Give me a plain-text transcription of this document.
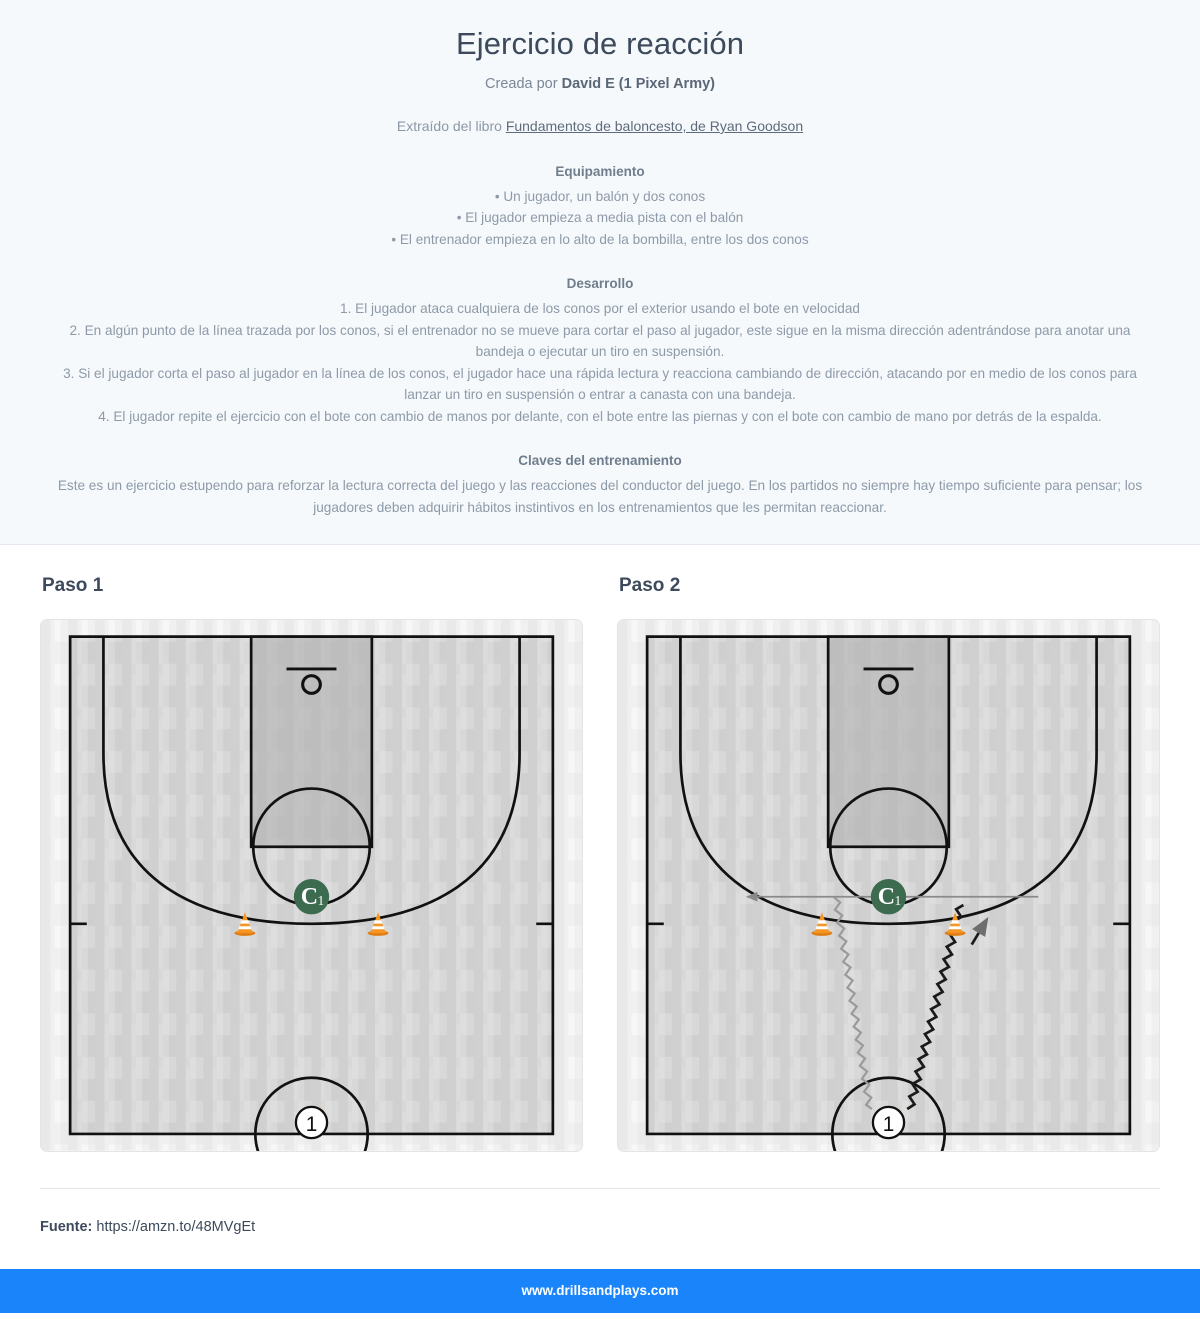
Ejercicio de reacción
Creada por David E (1 Pixel Army)
Extraído del libro Fundamentos de baloncesto, de Ryan Goodson
Equipamiento
• Un jugador, un balón y dos conos
• El jugador empieza a media pista con el balón
• El entrenador empieza en lo alto de la bombilla, entre los dos conos
Desarrollo
1. El jugador ataca cualquiera de los conos por el exterior usando el bote en velocidad
2. En algún punto de la línea trazada por los conos, si el entrenador no se mueve para cortar el paso al jugador, este sigue en la misma dirección adentrándose para anotar una bandeja o ejecutar un tiro en suspensión.
3. Si el jugador corta el paso al jugador en la línea de los conos, el jugador hace una rápida lectura y reacciona cambiando de dirección, atacando por en medio de los conos para lanzar un tiro en suspensión o entrar a canasta con una bandeja.
4. El jugador repite el ejercicio con el bote con cambio de manos por delante, con el bote entre las piernas y con el bote con cambio de mano por detrás de la espalda.
Claves del entrenamiento
Este es un ejercicio estupendo para reforzar la lectura correcta del juego y las reacciones del conductor del juego. En los partidos no siempre hay tiempo suficiente para pensar; los jugadores deben adquirir hábitos instintivos en los entrenamientos que les permitan reaccionar.
Paso 1
C 1
1
Paso 2
C 1
1
Fuente: https://amzn.to/48MVgEt
www.drillsandplays.com
